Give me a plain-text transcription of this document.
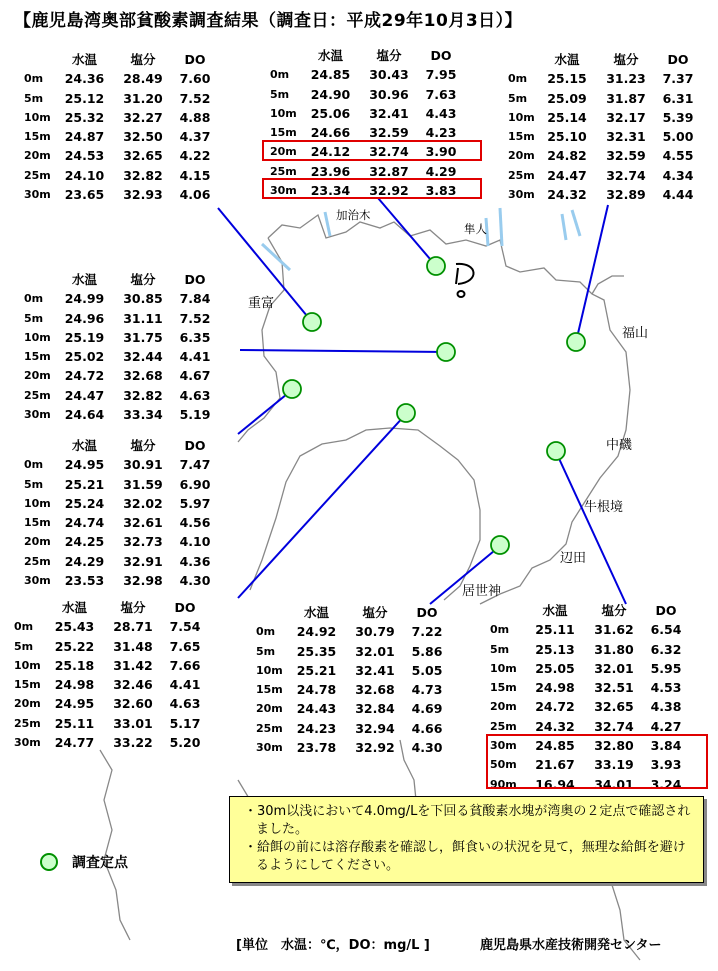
【鹿児島湾奥部貧酸素調査結果（調査日：平成29年10月3日）】
加治木
隼人
重富
福山
中磯
牛根境
辺田
居世神
	水温	塩分	DO
0m	24.36	28.49	7.60
5m	25.12	31.20	7.52
10m	25.32	32.27	4.88
15m	24.87	32.50	4.37
20m	24.53	32.65	4.22
25m	24.10	32.82	4.15
30m	23.65	32.93	4.06
	水温	塩分	DO
0m	24.85	30.43	7.95
5m	24.90	30.96	7.63
10m	25.06	32.41	4.43
15m	24.66	32.59	4.23
20m	24.12	32.74	3.90
25m	23.96	32.87	4.29
30m	23.34	32.92	3.83
	水温	塩分	DO
0m	25.15	31.23	7.37
5m	25.09	31.87	6.31
10m	25.14	32.17	5.39
15m	25.10	32.31	5.00
20m	24.82	32.59	4.55
25m	24.47	32.74	4.34
30m	24.32	32.89	4.44
	水温	塩分	DO
0m	24.99	30.85	7.84
5m	24.96	31.11	7.52
10m	25.19	31.75	6.35
15m	25.02	32.44	4.41
20m	24.72	32.68	4.67
25m	24.47	32.82	4.63
30m	24.64	33.34	5.19
	水温	塩分	DO
0m	24.95	30.91	7.47
5m	25.21	31.59	6.90
10m	25.24	32.02	5.97
15m	24.74	32.61	4.56
20m	24.25	32.73	4.10
25m	24.29	32.91	4.36
30m	23.53	32.98	4.30
	水温	塩分	DO
0m	25.43	28.71	7.54
5m	25.22	31.48	7.65
10m	25.18	31.42	7.66
15m	24.98	32.46	4.41
20m	24.95	32.60	4.63
25m	25.11	33.01	5.17
30m	24.77	33.22	5.20
	水温	塩分	DO
0m	24.92	30.79	7.22
5m	25.35	32.01	5.86
10m	25.21	32.41	5.05
15m	24.78	32.68	4.73
20m	24.43	32.84	4.69
25m	24.23	32.94	4.66
30m	23.78	32.92	4.30
	水温	塩分	DO
0m	25.11	31.62	6.54
5m	25.13	31.80	6.32
10m	25.05	32.01	5.95
15m	24.98	32.51	4.53
20m	24.72	32.65	4.38
25m	24.32	32.74	4.27
30m	24.85	32.80	3.84
50m	21.67	33.19	3.93
90m	16.94	34.01	3.24

・30m以浅において4.0mg/Lを下回る貧酸素水塊が湾奥の２定点で確認されました。

・給餌の前には溶存酸素を確認し，餌食いの状況を見て，無理な給餌を避けるようにしてください。

調査定点
[単位　水温：℃，DO：mg/L ]	鹿児島県水産技術開発センター
